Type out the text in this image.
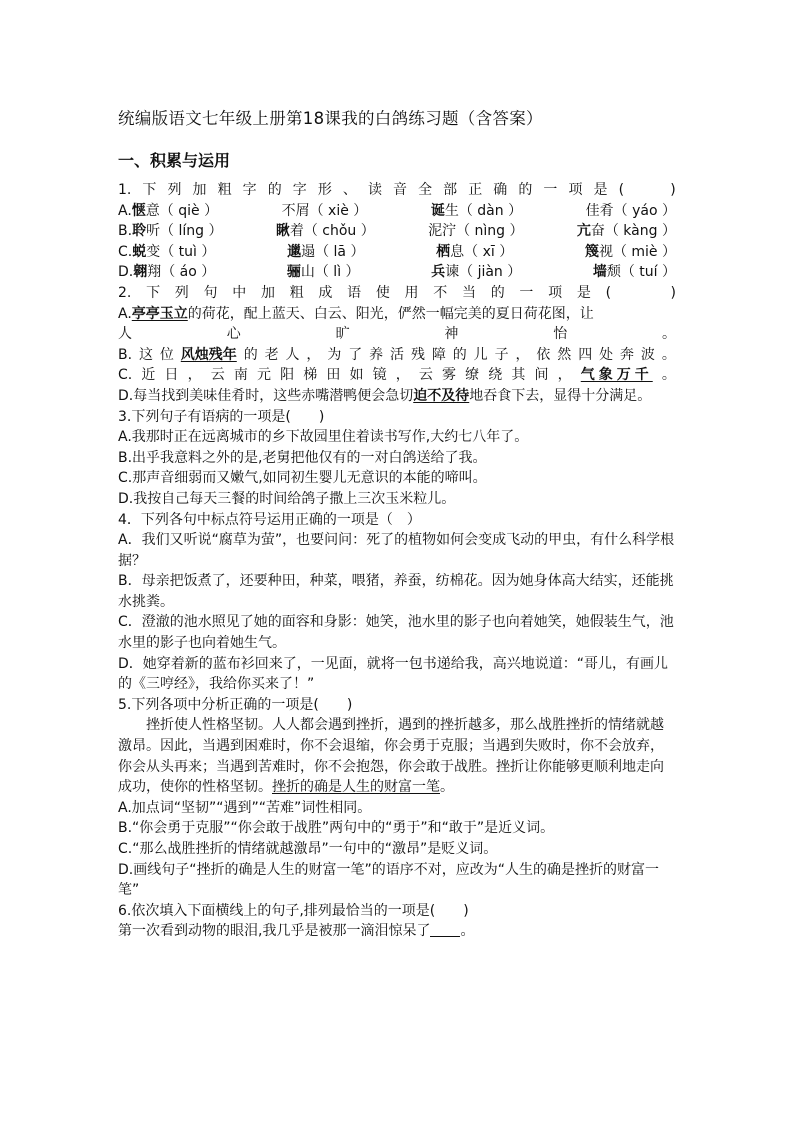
统编版语文七年级上册第18课我的白鸽练习题（含答案）
一、积累与运用
1. 下 列 加 粗 字 的 字 形 、 读 音 全 部 正 确 的 一 项 是 (	)
A.惬意（ qiè ）	不屑（ xiè ）	诞生（ dàn ）	佳肴（ yáo ）
B.聆听（ líng ）	瞅着（ chǒu ）	泥泞（ nìng ）	亢奋（ kàng ）
C.蜕变（ tuì ）	邋遢（ lā ）	栖息（ xī ）	篾视（ miè ）
D.翱翔（ áo ）	骊山（ lì ）	兵谏（ jiàn ）	墙颓（ tuí ）
2. 下 列 句 中 加 粗 成 语 使 用 不 当 的 一 项 是 (	)
A.亭亭玉立的荷花，配上蓝天、白云、阳光，俨然一幅完美的夏日荷花图，让
人	心	旷	神	怡	。
B. 这 位 风烛残年 的 老 人 ， 为 了 养 活 残 障 的 儿 子 ， 依 然 四 处 奔 波 。
C. 近 日 ， 云 南 元 阳 梯 田 如 镜 ， 云 雾 缭 绕 其 间 ， 气象万千 。
D.每当找到美味佳肴时，这些赤嘴潜鸭便会急切迫不及待地吞食下去，显得十分满足。
3.下列句子有语病的一项是(　　)
A.我那时正在远离城市的乡下故园里住着读书写作,大约七八年了。
B.出乎我意料之外的是,老舅把他仅有的一对白鸽送给了我。
C.那声音细弱而又嫩气,如同初生婴儿无意识的本能的啼叫。
D.我按自己每天三餐的时间给鸽子撒上三次玉米粒儿。
4．下列各句中标点符号运用正确的一项是（　）
A．我们又听说“腐草为萤”，也要问问：死了的植物如何会变成飞动的甲虫，有什么科学根据？
B．母亲把饭煮了，还要种田，种菜，喂猪，养蚕，纺棉花。因为她身体高大结实，还能挑水挑粪。
C．澄澈的池水照见了她的面容和身影：她笑，池水里的影子也向着她笑，她假装生气，池水里的影子也向着她生气。
D．她穿着新的蓝布衫回来了，一见面，就将一包书递给我，高兴地说道：“哥儿，有画儿的《三哼经》，我给你买来了！”
5.下列各项中分析正确的一项是(　　)
挫折使人性格坚韧。人人都会遇到挫折，遇到的挫折越多，那么战胜挫折的情绪就越激昂。因此，当遇到困难时，你不会退缩，你会勇于克服；当遇到失败时，你不会放弃，你会从头再来；当遇到苦难时，你不会抱怨，你会敢于战胜。挫折让你能够更顺利地走向成功，使你的性格坚韧。挫折的确是人生的财富一笔。
A.加点词“坚韧”“遇到”“苦难”词性相同。
B.“你会勇于克服”“你会敢于战胜”两句中的“勇于”和“敢于”是近义词。
C.“那么战胜挫折的情绪就越激昂”一句中的“激昂”是贬义词。
D.画线句子“挫折的确是人生的财富一笔”的语序不对，应改为“人生的确是挫折的财富一笔”
6.依次填入下面横线上的句子,排列最恰当的一项是(　　)
第一次看到动物的眼泪,我几乎是被那一滴泪惊呆了 。
